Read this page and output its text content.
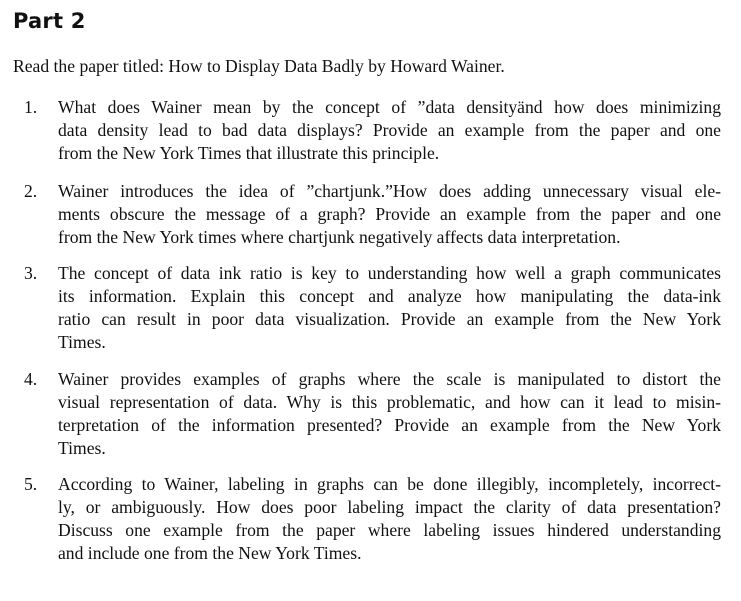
Part 2

Read the paper titled: How to Display Data Badly by Howard Wainer.

1.	What does Wainer mean by the concept of ”data densityänd how does minimizing
data density lead to bad data displays? Provide an example from the paper and one
from the New York Times that illustrate this principle.
2.	Wainer introduces the idea of ”chartjunk.”How does adding unnecessary visual ele-
ments obscure the message of a graph? Provide an example from the paper and one
from the New York times where chartjunk negatively affects data interpretation.
3.	The concept of data ink ratio is key to understanding how well a graph communicates
its information. Explain this concept and analyze how manipulating the data-ink
ratio can result in poor data visualization. Provide an example from the New York
Times.
4.	Wainer provides examples of graphs where the scale is manipulated to distort the
visual representation of data. Why is this problematic, and how can it lead to misin-
terpretation of the information presented? Provide an example from the New York
Times.
5.	According to Wainer, labeling in graphs can be done illegibly, incompletely, incorrect-
ly, or ambiguously. How does poor labeling impact the clarity of data presentation?
Discuss one example from the paper where labeling issues hindered understanding
and include one from the New York Times.
